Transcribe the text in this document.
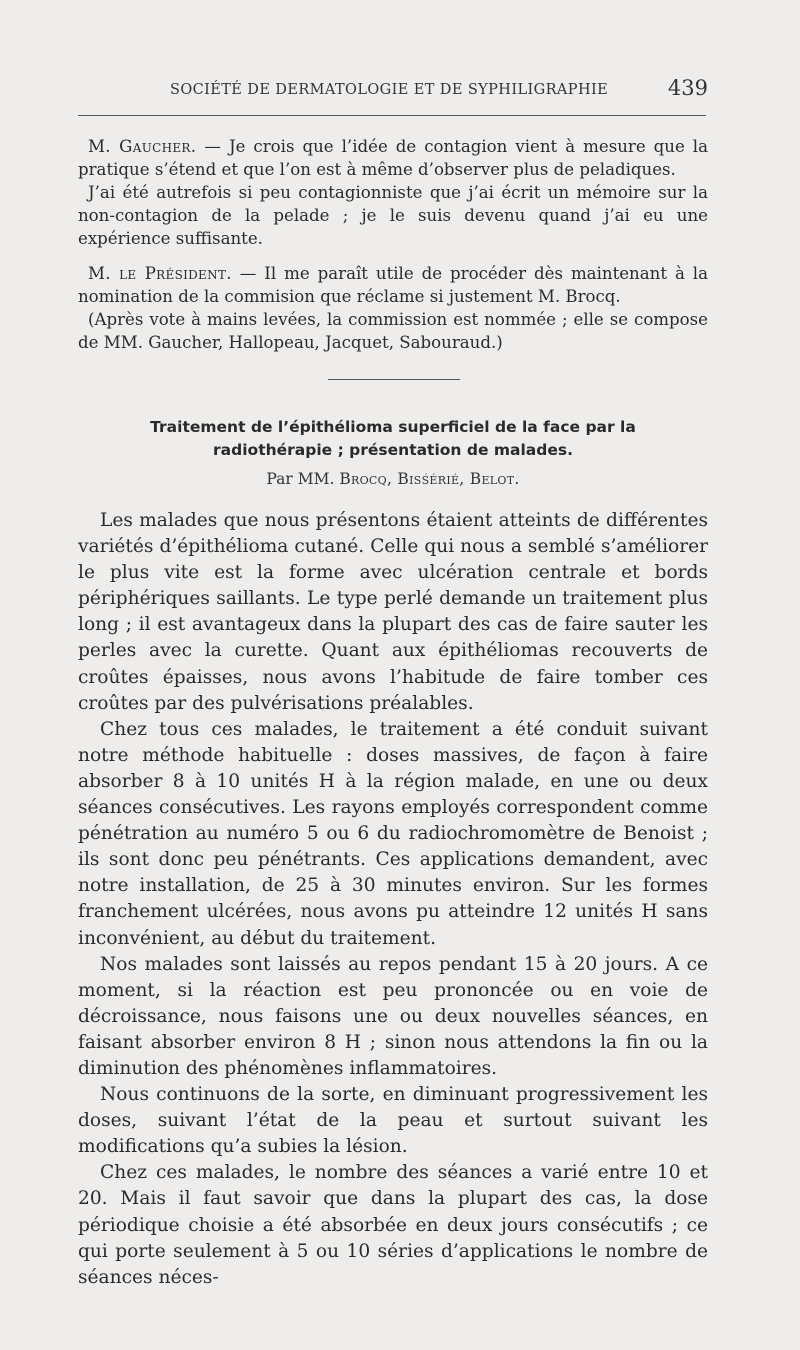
SOCIÉTÉ DE DERMATOLOGIE ET DE SYPHILIGRAPHIE	439

M. Gaucher. — Je crois que l’idée de contagion vient à mesure que la pratique s’étend et que l’on est à même d’observer plus de peladiques.

J’ai été autrefois si peu contagionniste que j’ai écrit un mémoire sur la non-contagion de la pelade ; je le suis devenu quand j’ai eu une expérience suffisante.

M. le Président. — Il me paraît utile de procéder dès maintenant à la nomination de la commision que réclame si justement M. Brocq.

(Après vote à mains levées, la commission est nommée ; elle se compose de MM. Gaucher, Hallopeau, Jacquet, Sabouraud.)

Traitement de l’épithélioma superficiel de la face par la
radiothérapie ; présentation de malades.
Par MM. Brocq, Bisśérié, Belot.

Les malades que nous présentons étaient atteints de différentes variétés d’épithélioma cutané. Celle qui nous a semblé s’améliorer le plus vite est la forme avec ulcération centrale et bords périphériques saillants. Le type perlé demande un traitement plus long ; il est avantageux dans la plupart des cas de faire sauter les perles avec la curette. Quant aux épithéliomas recouverts de croûtes épaisses, nous avons l’habitude de faire tomber ces croûtes par des pulvérisations préalables.

Chez tous ces malades, le traitement a été conduit suivant notre méthode habituelle : doses massives, de façon à faire absorber 8 à 10 unités H à la région malade, en une ou deux séances consécutives. Les rayons employés correspondent comme pénétration au numéro 5 ou 6 du radiochromomètre de Benoist ; ils sont donc peu pénétrants. Ces applications demandent, avec notre installation, de 25 à 30 minutes environ. Sur les formes franchement ulcérées, nous avons pu atteindre 12 unités H sans inconvénient, au début du traitement.

Nos malades sont laissés au repos pendant 15 à 20 jours. A ce moment, si la réaction est peu prononcée ou en voie de décroissance, nous faisons une ou deux nouvelles séances, en faisant absorber environ 8 H ; sinon nous attendons la fin ou la diminution des phénomènes inflammatoires.

Nous continuons de la sorte, en diminuant progressivement les doses, suivant l’état de la peau et surtout suivant les modifications qu’a subies la lésion.

Chez ces malades, le nombre des séances a varié entre 10 et 20. Mais il faut savoir que dans la plupart des cas, la dose périodique choisie a été absorbée en deux jours consécutifs ; ce qui porte seulement à 5 ou 10 séries d’applications le nombre de séances néces-
